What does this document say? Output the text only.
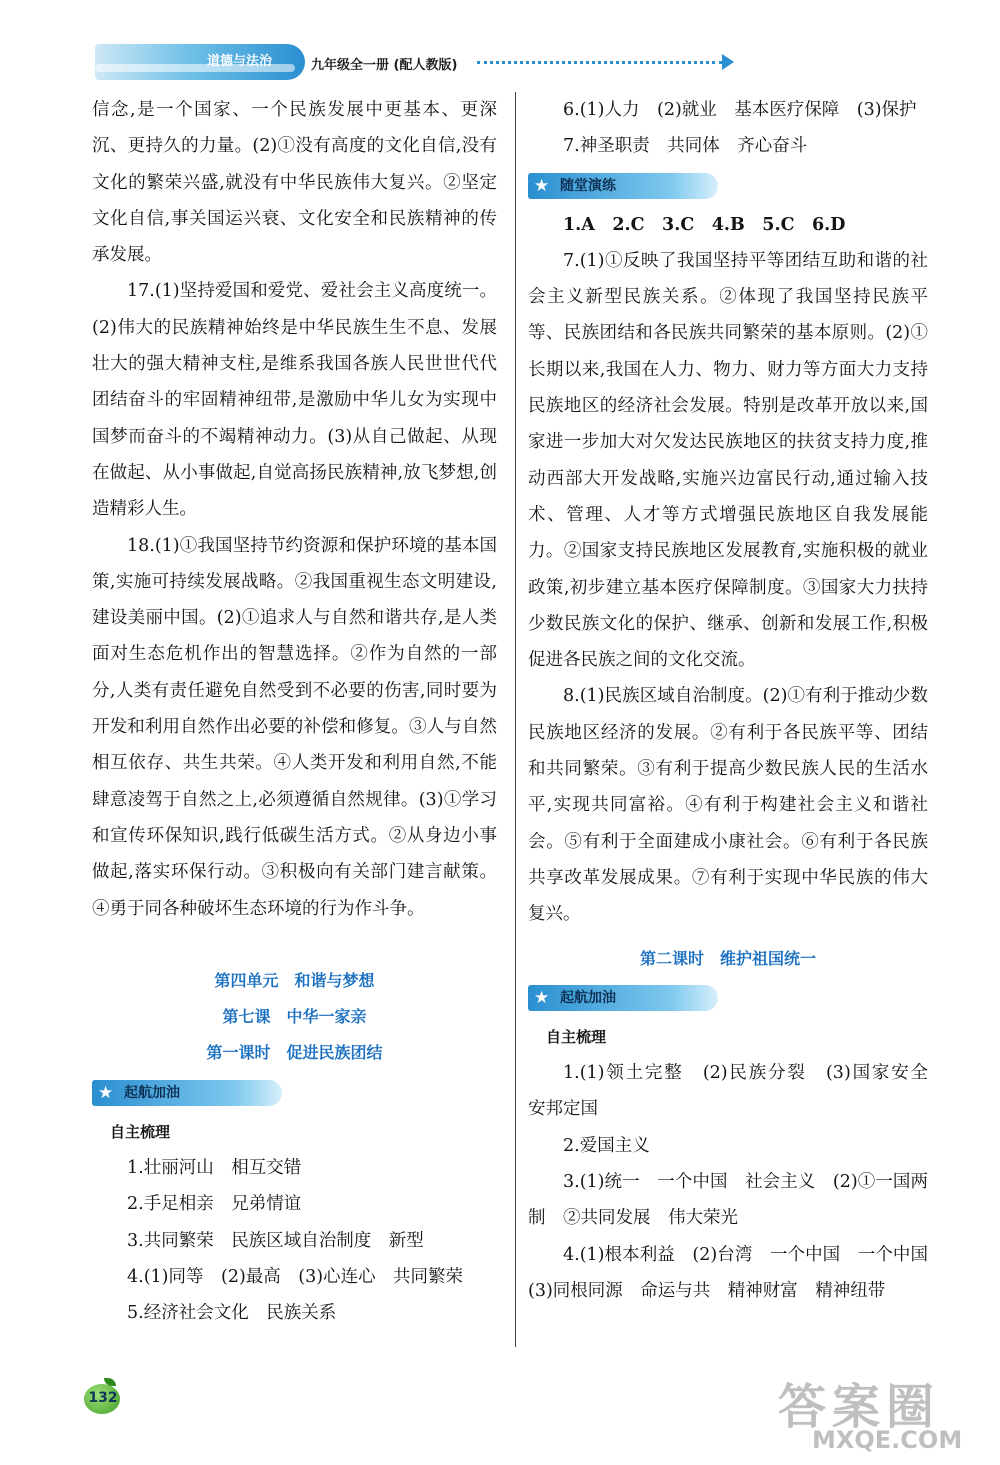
道德与法治	九年级全一册 (配人教版)

信念,是一个国家、一个民族发展中更基本、更深沉、更持久的力量。(2)①没有高度的文化自信,没有文化的繁荣兴盛,就没有中华民族伟大复兴。②坚定文化自信,事关国运兴衰、文化安全和民族精神的传承发展。

17.(1)坚持爱国和爱党、爱社会主义高度统一。(2)伟大的民族精神始终是中华民族生生不息、发展壮大的强大精神支柱,是维系我国各族人民世世代代团结奋斗的牢固精神纽带,是激励中华儿女为实现中国梦而奋斗的不竭精神动力。(3)从自己做起、从现在做起、从小事做起,自觉高扬民族精神,放飞梦想,创造精彩人生。

18.(1)①我国坚持节约资源和保护环境的基本国策,实施可持续发展战略。②我国重视生态文明建设,建设美丽中国。(2)①追求人与自然和谐共存,是人类面对生态危机作出的智慧选择。②作为自然的一部分,人类有责任避免自然受到不必要的伤害,同时要为开发和利用自然作出必要的补偿和修复。③人与自然相互依存、共生共荣。④人类开发和利用自然,不能肆意凌驾于自然之上,必须遵循自然规律。(3)①学习和宣传环保知识,践行低碳生活方式。②从身边小事做起,落实环保行动。③积极向有关部门建言献策。④勇于同各种破坏生态环境的行为作斗争。

第四单元　和谐与梦想

第七课　中华一家亲

第一课时　促进民族团结

★ 起航加油

自主梳理

1.壮丽河山　相互交错

2.手足相亲　兄弟情谊

3.共同繁荣　民族区域自治制度　新型

4.(1)同等　(2)最高　(3)心连心　共同繁荣

5.经济社会文化　民族关系

6.(1)人力　(2)就业　基本医疗保障　(3)保护

7.神圣职责　共同体　齐心奋斗

★ 随堂演练

1.A　2.C　3.C　4.B　5.C　6.D

7.(1)①反映了我国坚持平等团结互助和谐的社会主义新型民族关系。②体现了我国坚持民族平等、民族团结和各民族共同繁荣的基本原则。(2)①长期以来,我国在人力、物力、财力等方面大力支持民族地区的经济社会发展。特别是改革开放以来,国家进一步加大对欠发达民族地区的扶贫支持力度,推动西部大开发战略,实施兴边富民行动,通过输入技术、管理、人才等方式增强民族地区自我发展能力。②国家支持民族地区发展教育,实施积极的就业政策,初步建立基本医疗保障制度。③国家大力扶持少数民族文化的保护、继承、创新和发展工作,积极促进各民族之间的文化交流。

8.(1)民族区域自治制度。(2)①有利于推动少数民族地区经济的发展。②有利于各民族平等、团结和共同繁荣。③有利于提高少数民族人民的生活水平,实现共同富裕。④有利于构建社会主义和谐社会。⑤有利于全面建成小康社会。⑥有利于各民族共享改革发展成果。⑦有利于实现中华民族的伟大复兴。

第二课时　维护祖国统一

★ 起航加油

自主梳理

1.(1)领土完整　(2)民族分裂　(3)国家安全　安邦定国

2.爱国主义

3.(1)统一　一个中国　社会主义　(2)①一国两制　②共同发展　伟大荣光

4.(1)根本利益　(2)台湾　一个中国　一个中国　(3)同根同源　命运与共　精神财富　精神纽带

132	答案圈
MXQE.COM
